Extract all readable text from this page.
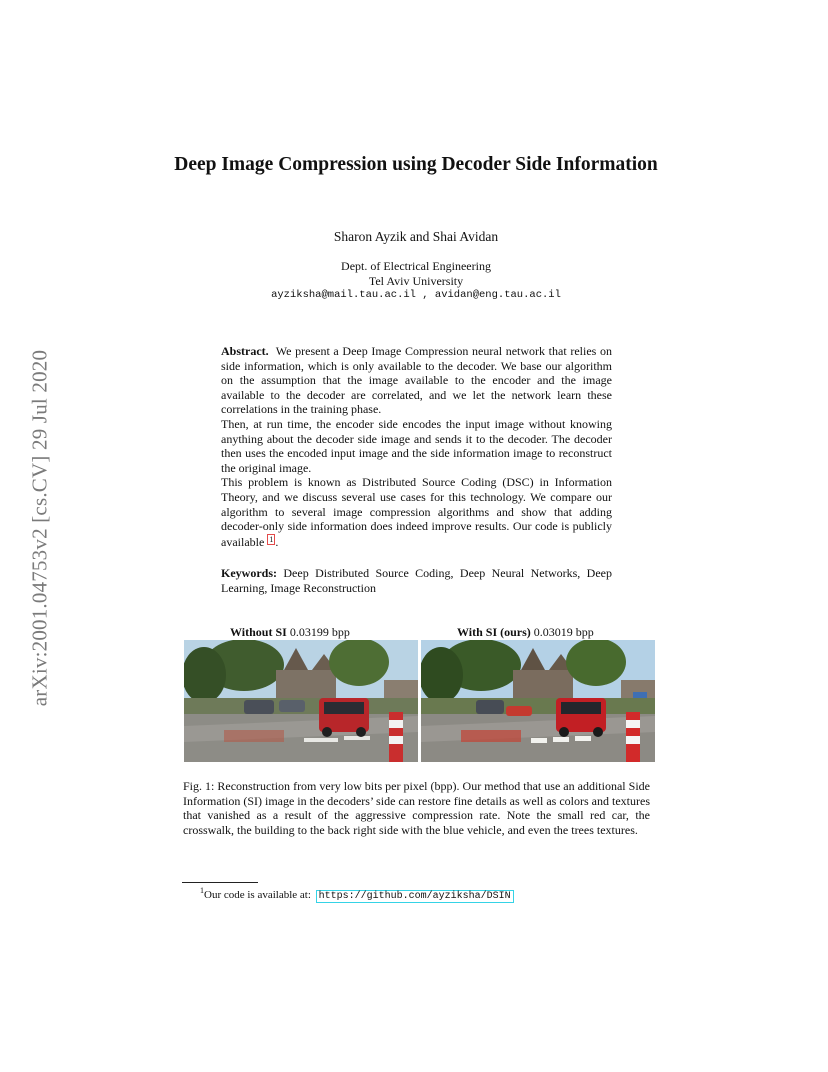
arXiv:2001.04753v2 [cs.CV] 29 Jul 2020
Deep Image Compression using Decoder Side Information
Sharon Ayzik and Shai Avidan
Dept. of Electrical Engineering
Tel Aviv University
ayziksha@mail.tau.ac.il , avidan@eng.tau.ac.il

Abstract. We present a Deep Image Compression neural network that relies on side information, which is only available to the decoder. We base our algorithm on the assumption that the image available to the encoder and the image available to the decoder are correlated, and we let the network learn these correlations in the training phase.

Then, at run time, the encoder side encodes the input image without knowing anything about the decoder side image and sends it to the decoder. The decoder then uses the encoded input image and the side information image to reconstruct the original image.

This problem is known as Distributed Source Coding (DSC) in Information Theory, and we discuss several use cases for this technology. We compare our algorithm to several image compression algorithms and show that adding decoder-only side information does indeed improve results. Our code is publicly available 1 .

Keywords: Deep Distributed Source Coding, Deep Neural Networks, Deep Learning, Image Reconstruction
Without SI 0.03199 bpp	With SI (ours) 0.03019 bpp
Fig. 1: Reconstruction from very low bits per pixel (bpp). Our method that use an additional Side Information (SI) image in the decoders’ side can restore fine details as well as colors and textures that vanished as a result of the aggressive compression rate. Note the small red car, the crosswalk, the building to the back right side with the blue vehicle, and even the trees textures.
$^1$Our code is available at: https://github.com/ayziksha/DSIN
